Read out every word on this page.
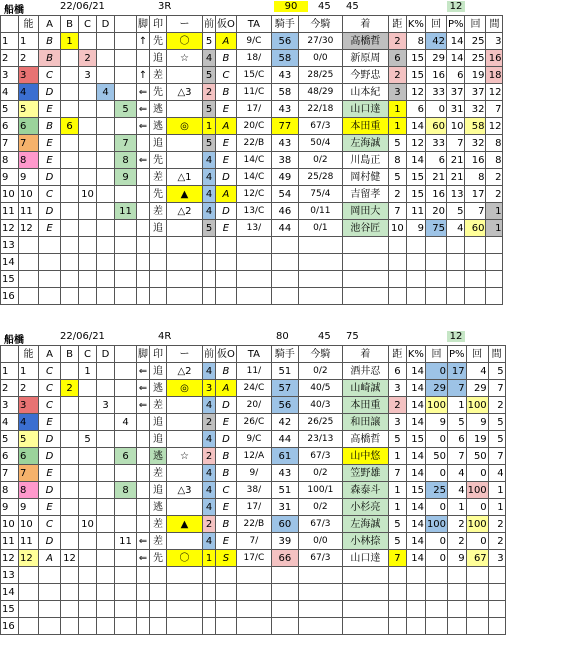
船橋	22/06/21	3R	90	45 45	12
	能	A	B	C	D		脚	印	ー	前	仮O	TA	騎手	今騎	着	距	K%	回	P%	回	間
1	1	B	1				↑	先	〇	5	A	9/C	56	27/30	高橋哲	2	8	42	14	25	3
2	2	B		2				追	☆	4	B	18/	58	0/0	新原周	6	15	29	14	25	16
3	3	C		3			↑	差		5	C	15/C	43	28/25	今野忠	2	15	16	6	19	18
4	4	D			4		⇐	先	△3	2	B	11/C	58	48/29	山本紀	3	12	33	37	37	12
5	5	E				5	⇐	逃		5	E	17/	43	22/18	山口達	1	6	0	31	32	7
6	6	B	6				⇐	逃	◎	1	A	20/C	77	67/3	本田重	1	14	60	10	58	12
7	7	E				7		追		5	E	22/B	43	50/4	左海誠	5	12	33	7	32	8
8	8	E				8	⇐	先		4	E	14/C	38	0/2	川島正	8	14	6	21	16	8
9	9	D				9		差	△1	4	D	14/C	49	25/28	岡村健	5	15	21	21	8	2
10	10	C		10				先	▲	4	A	12/C	54	75/4	吉留孝	2	15	16	13	17	2
11	11	D				11		差	△2	4	D	13/C	46	0/11	岡田大	7	11	20	5	7	1
12	12	E						追		5	E	13/	44	0/1	池谷匠	10	9	75	4	60	1
13																					
14																					
15																					
16																					
船橋	22/06/21	4R	80	45 75	12
	能	A	B	C	D		脚	印	ー	前	仮O	TA	騎手	今騎	着	距	K%	回	P%	回	間
1	1	C		1			⇐	追	△2	4	B	11/	51	0/2	酒井忍	6	14	0	17	4	5
2	2	C	2				⇐	逃	◎	3	A	24/C	57	40/5	山崎誠	3	14	29	7	29	7
3	3	C			3		⇐	差		4	D	20/	56	40/3	本田重	2	14	100	1	100	2
4	4	E				4		追		2	E	26/C	42	26/25	和田譲	3	14	9	5	9	5
5	5	D		5				追		4	D	9/C	44	23/13	高橋哲	5	15	0	6	19	5
6	6	D				6		逃	☆	2	B	12/A	61	67/3	山中悠	1	14	50	7	50	7
7	7	E						差		4	B	9/	43	0/2	笠野雄	7	14	0	4	0	4
8	8	D				8		追	△3	4	C	38/	51	100/1	森泰斗	1	15	25	4	100	1
9	9	E						逃		4	E	17/	31	0/2	小杉亮	1	14	0	1	0	1
10	10	C		10				差	▲	2	B	22/B	60	67/3	左海誠	5	14	100	2	100	2
11	11	D				11	⇐	差		4	E	7/	39	0/0	小林捺	5	14	0	2	0	2
12	12	A	12				⇐	先	〇	1	S	17/C	66	67/3	山口達	7	14	0	9	67	3
13																					
14																					
15																					
16																					
